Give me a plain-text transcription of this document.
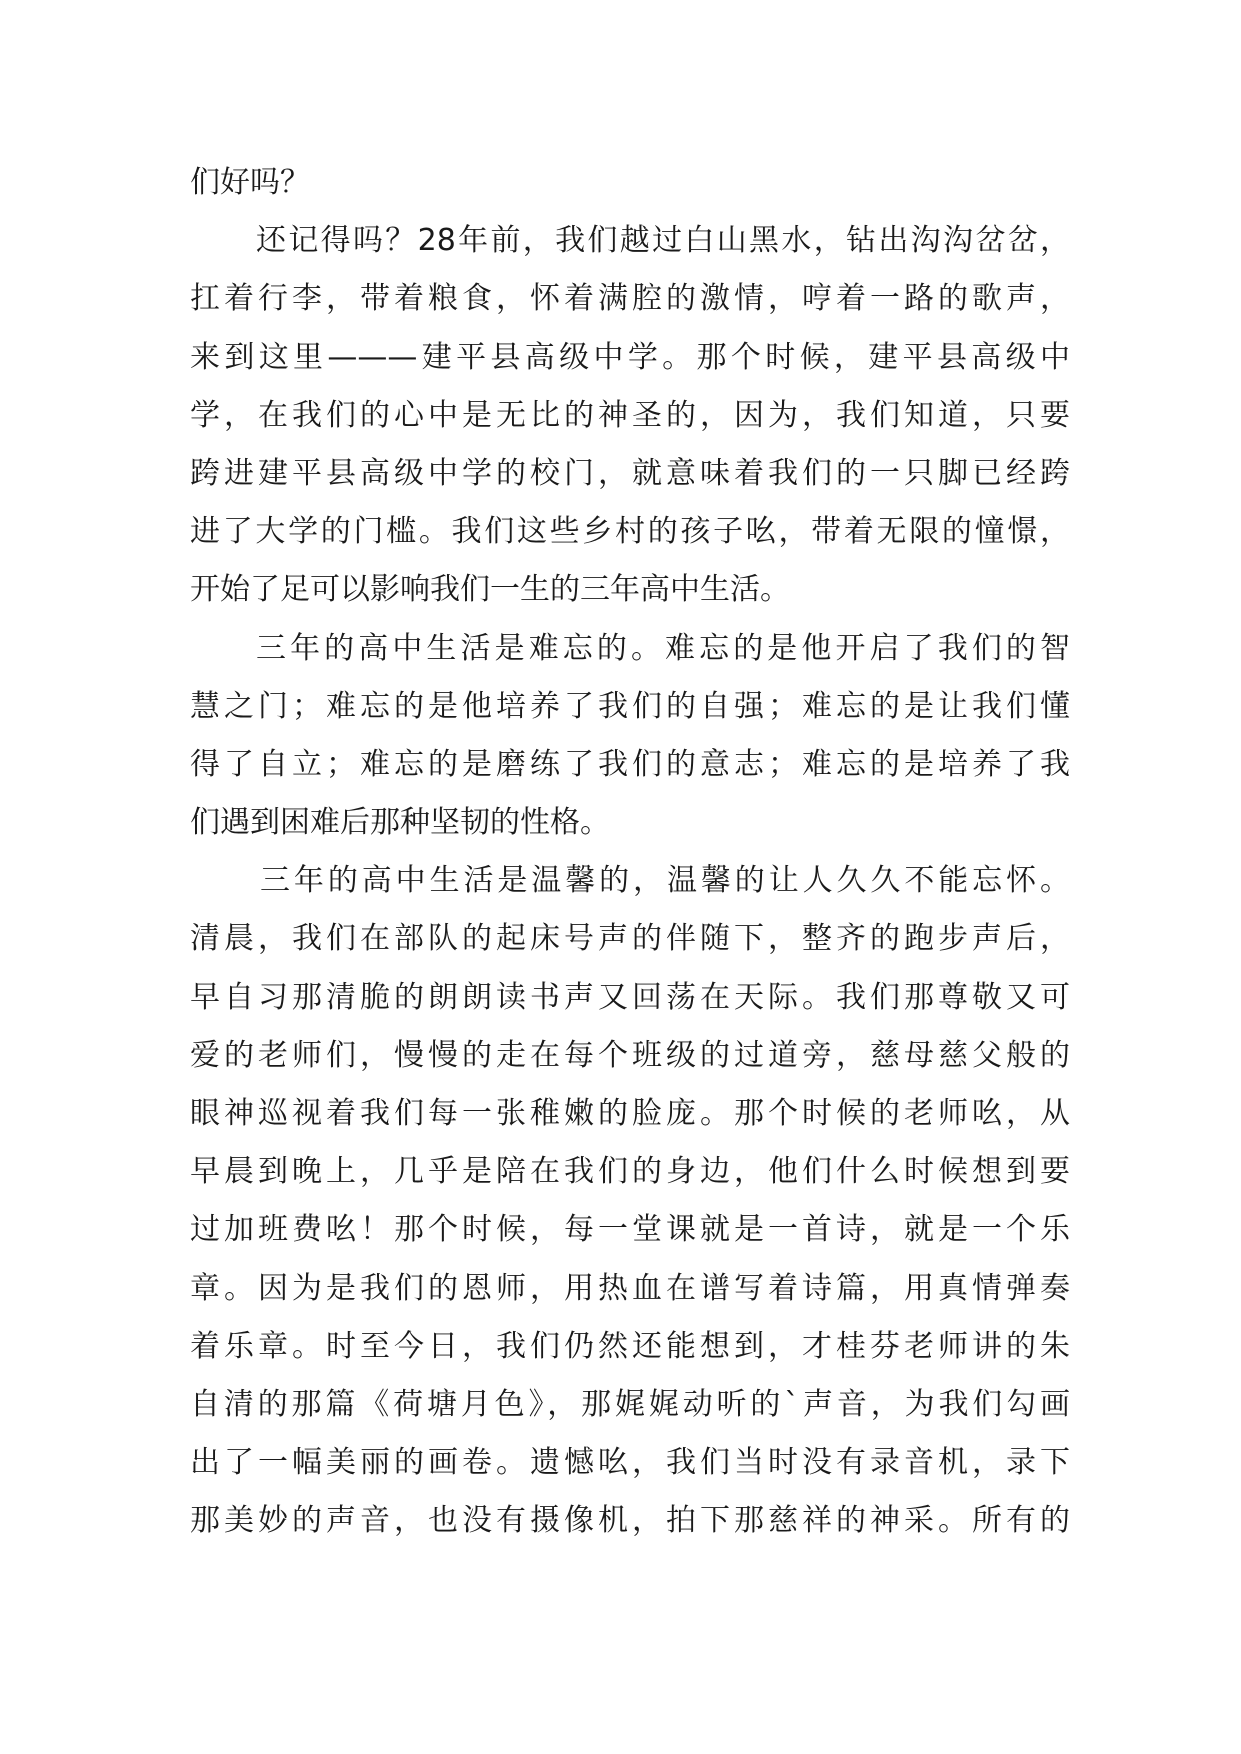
们好吗？
还记得吗？28年前，我们越过白山黑水，钻出沟沟岔岔，
扛着行李，带着粮食，怀着满腔的激情，哼着一路的歌声，
来到这里———建平县高级中学。那个时候，建平县高级中
学，在我们的心中是无比的神圣的，因为，我们知道，只要
跨进建平县高级中学的校门，就意味着我们的一只脚已经跨
进了大学的门槛。我们这些乡村的孩子吆，带着无限的憧憬，
开始了足可以影响我们一生的三年高中生活。
三年的高中生活是难忘的。难忘的是他开启了我们的智
慧之门；难忘的是他培养了我们的自强；难忘的是让我们懂
得了自立；难忘的是磨练了我们的意志；难忘的是培养了我
们遇到困难后那种坚韧的性格。
三年的高中生活是温馨的，温馨的让人久久不能忘怀。
清晨，我们在部队的起床号声的伴随下，整齐的跑步声后，
早自习那清脆的朗朗读书声又回荡在天际。我们那尊敬又可
爱的老师们，慢慢的走在每个班级的过道旁，慈母慈父般的
眼神巡视着我们每一张稚嫩的脸庞。那个时候的老师吆，从
早晨到晚上，几乎是陪在我们的身边，他们什么时候想到要
过加班费吆！那个时候，每一堂课就是一首诗，就是一个乐
章。因为是我们的恩师，用热血在谱写着诗篇，用真情弹奏
着乐章。时至今日，我们仍然还能想到，才桂芬老师讲的朱
自清的那篇《荷塘月色》，那娓娓动听的`声音，为我们勾画
出了一幅美丽的画卷。遗憾吆，我们当时没有录音机，录下
那美妙的声音，也没有摄像机，拍下那慈祥的神采。所有的
